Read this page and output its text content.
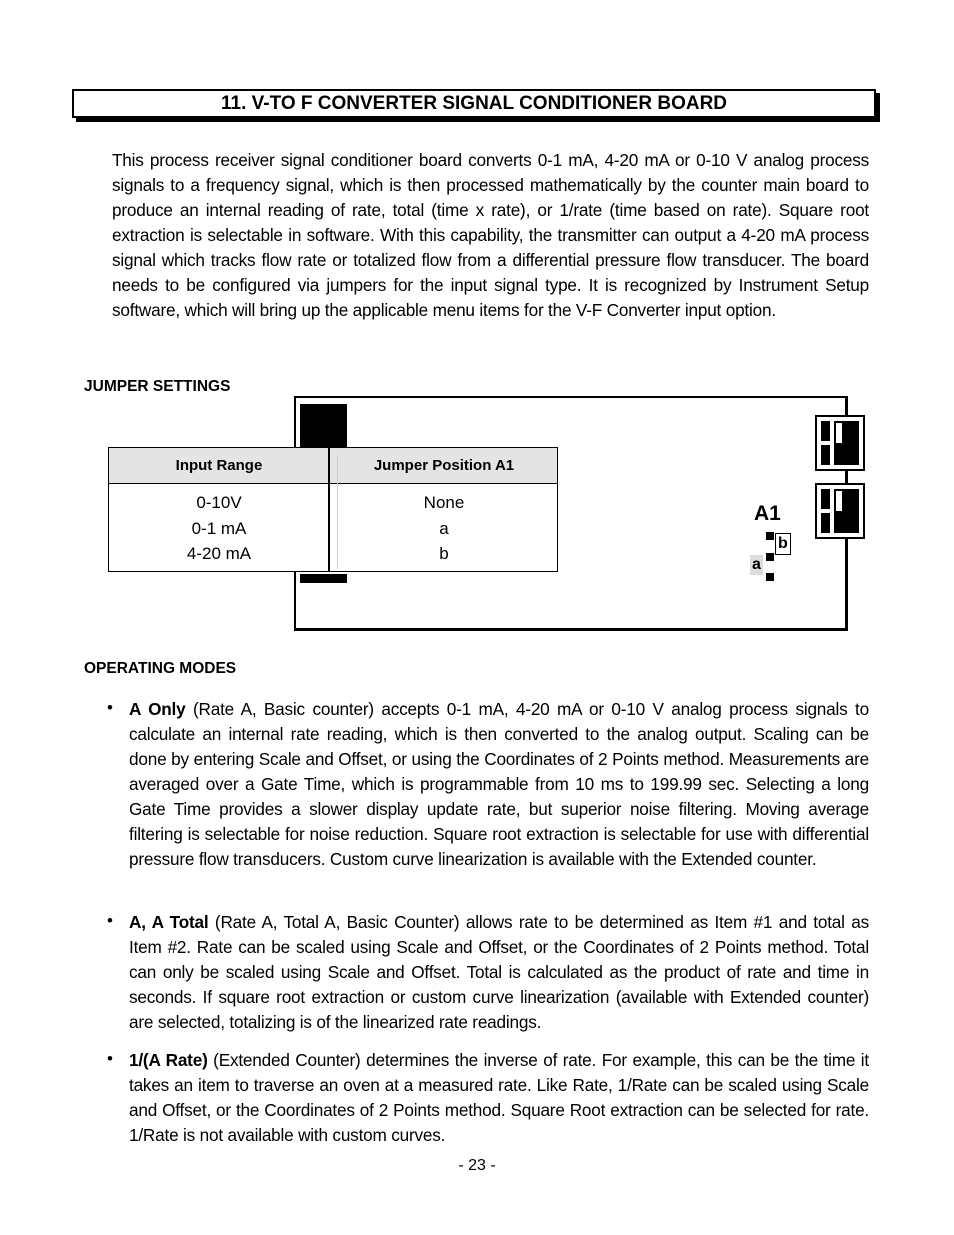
11. V-TO F CONVERTER SIGNAL CONDITIONER BOARD
This process receiver signal conditioner board converts 0-1 mA, 4-20 mA or 0-10 V analog process signals to a frequency signal, which is then processed mathematically by the counter main board to produce an internal reading of rate, total (time x rate), or 1/rate (time based on rate). Square root extraction is selectable in software. With this capability, the transmitter can output a 4-20 mA process signal which tracks flow rate or totalized flow from a differential pressure flow transducer. The board needs to be configured via jumpers for the input signal type. It is recognized by Instrument Setup software, which will bring up the applicable menu items for the V-F Converter input option.
JUMPER SETTINGS
A1
b
a
Input Range	Jumper Position A1
0-10V
0-1 mA
4-20 mA
None
a
b
OPERATING MODES
• A Only (Rate A, Basic counter) accepts 0-1 mA, 4-20 mA or 0-10 V analog process signals to calculate an internal rate reading, which is then converted to the analog output. Scaling can be done by entering Scale and Offset, or using the Coordinates of 2 Points method. Measurements are averaged over a Gate Time, which is programmable from 10 ms to 199.99 sec. Selecting a long Gate Time provides a slower display update rate, but superior noise filtering. Moving average filtering is selectable for noise reduction. Square root extraction is selectable for use with differential pressure flow transducers. Custom curve linearization is available with the Extended counter.
• A, A Total (Rate A, Total A, Basic Counter) allows rate to be determined as Item #1 and total as Item #2. Rate can be scaled using Scale and Offset, or the Coordinates of 2 Points method. Total can only be scaled using Scale and Offset. Total is calculated as the product of rate and time in seconds. If square root extraction or custom curve linearization (available with Extended counter) are selected, totalizing is of the linearized rate readings.
• 1/(A Rate) (Extended Counter) determines the inverse of rate. For example, this can be the time it takes an item to traverse an oven at a measured rate. Like Rate, 1/Rate can be scaled using Scale and Offset, or the Coordinates of 2 Points method. Square Root extraction can be selected for rate. 1/Rate is not available with custom curves.
- 23 -
